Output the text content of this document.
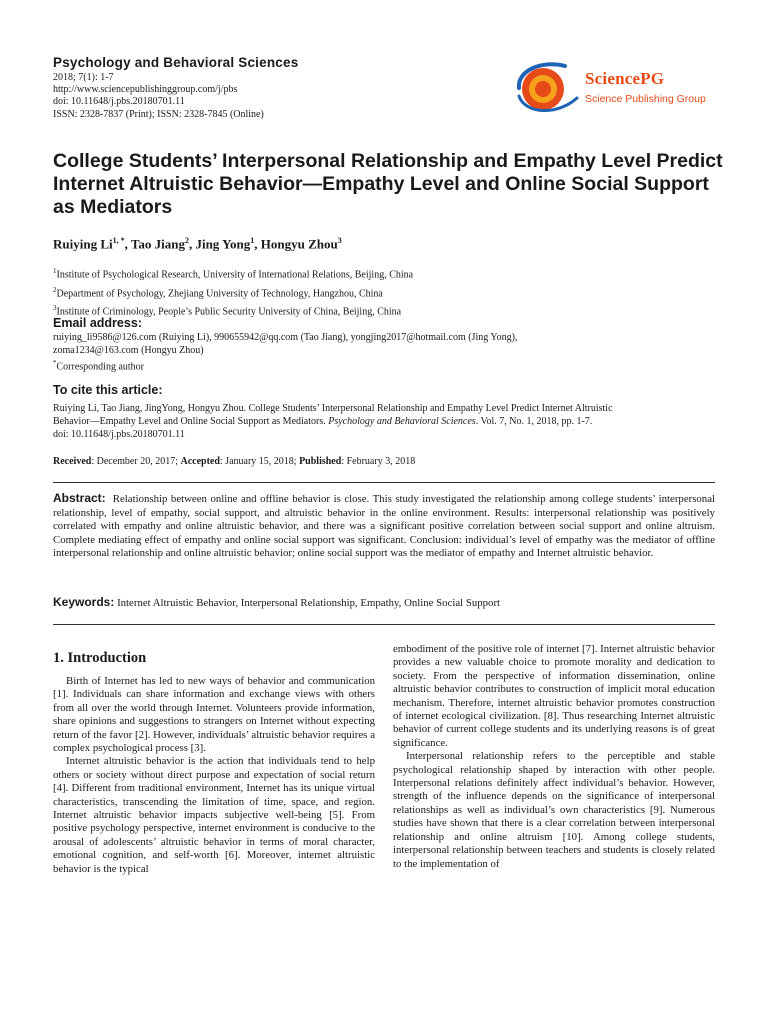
Psychology and Behavioral Sciences
2018; 7(1): 1-7
http://www.sciencepublishinggroup.com/j/pbs
doi: 10.11648/j.pbs.20180701.11
ISSN: 2328-7837 (Print); ISSN: 2328-7845 (Online)
SciencePG
Science Publishing Group
College Students’ Interpersonal Relationship and Empathy Level Predict Internet Altruistic Behavior—Empathy Level and Online Social Support as Mediators
Ruiying $Li^{1, *}$, Tao Jiang$^2$, Jing Yong$^1$, Hongyu Zhou$^3$
$^1$Institute of Psychological Research, University of International Relations, Beijing, China
$^2$Department of Psychology, Zhejiang University of Technology, Hangzhou, China
$^3$Institute of Criminology, People’s Public Security University of China, Beijing, China
Email address:
ruiying_li9586@126.com (Ruiying Li), 990655942@qq.com (Tao Jiang), yongjing2017@hotmail.com (Jing Yong),
zoma1234@163.com (Hongyu Zhou)
*Corresponding author
To cite this article:
Ruiying Li, Tao Jiang, JingYong, Hongyu Zhou. College Students’ Interpersonal Relationship and Empathy Level Predict Internet Altruistic
Behavior—Empathy Level and Online Social Support as Mediators. Psychology and Behavioral Sciences. Vol. 7, No. 1, 2018, pp. 1-7.
doi: 10.11648/j.pbs.20180701.11
Received: December 20, 2017; Accepted: January 15, 2018; Published: February 3, 2018
Abstract: Relationship between online and offline behavior is close. This study investigated the relationship among college students’ interpersonal relationship, level of empathy, social support, and altruistic behavior in the online environment. Results: interpersonal relationship was positively correlated with empathy and online altruistic behavior, and there was a significant positive correlation between social support and online altruism. Complete mediating effect of empathy and online social support was significant. Conclusion: individual’s level of empathy was the mediator of offline interpersonal relationship and online altruistic behavior; online social support was the mediator of empathy and Internet altruistic behavior.
Keywords: Internet Altruistic Behavior, Interpersonal Relationship, Empathy, Online Social Support
1. Introduction

Birth of Internet has led to new ways of behavior and communication [1]. Individuals can share information and exchange views with others from all over the world through Internet. Volunteers provide information, share opinions and suggestions to strangers on Internet without expecting return of the favor [2]. However, individuals’ altruistic behavior requires a complex psychological process [3].

Internet altruistic behavior is the action that individuals tend to help others or society without direct purpose and expectation of social return [4]. Different from traditional environment, Internet has its unique virtual characteristics, transcending the limitation of time, space, and region. Internet altruistic behavior impacts subjective well-being [5]. From positive psychology perspective, internet environment is conducive to the arousal of adolescents’ altruistic behavior in terms of moral character, emotional cognition, and self-worth [6]. Moreover, internet altruistic behavior is the typical

embodiment of the positive role of internet [7]. Internet altruistic behavior provides a new valuable choice to promote morality and dedication to society. From the perspective of information dissemination, online altruistic behavior contributes to construction of implicit moral education mechanism. Therefore, internet altruistic behavior promotes construction of internet ecological civilization. [8]. Thus researching Internet altruistic behavior of current college students and its underlying reasons is of great significance.

Interpersonal relationship refers to the perceptible and stable psychological relationship shaped by interaction with other people. Interpersonal relations definitely affect individual’s behavior. However, strength of the influence depends on the significance of interpersonal relationships as well as individual’s own characteristics [9]. Numerous studies have shown that there is a clear correlation between interpersonal relationship and online altruism [10]. Among college students, interpersonal relationship between teachers and students is closely related to the implementation of
